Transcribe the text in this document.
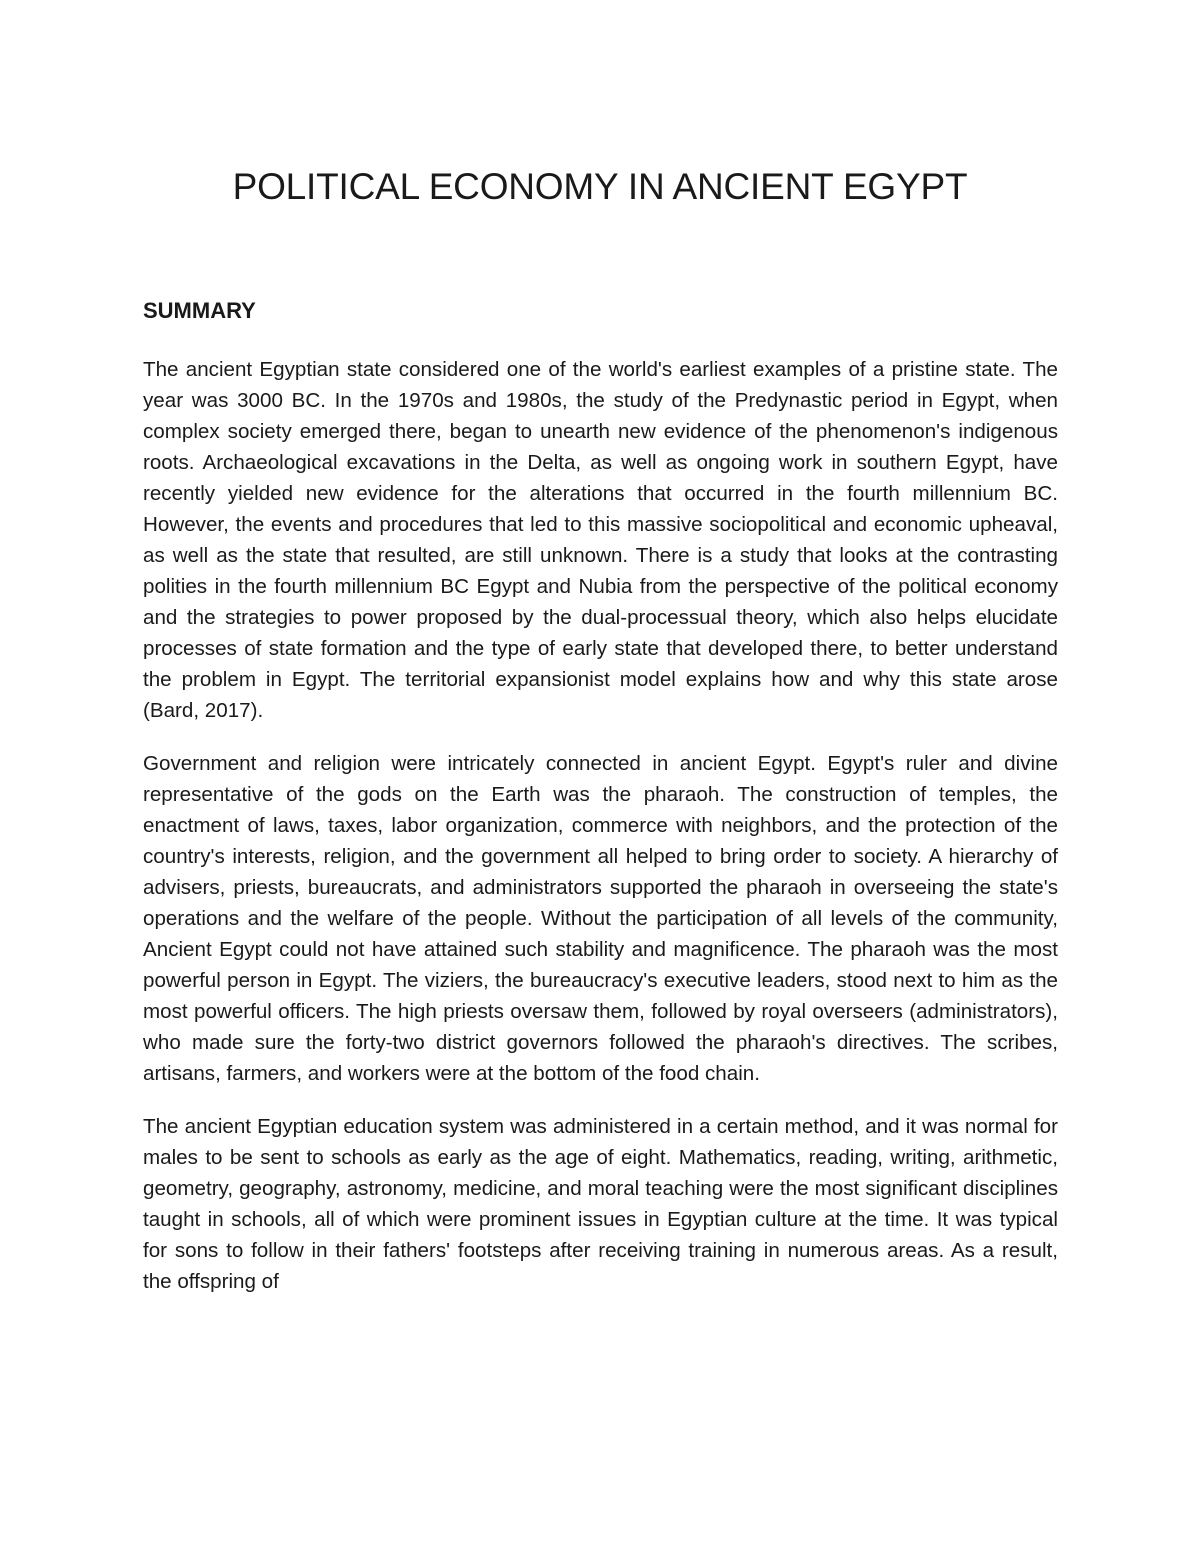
POLITICAL ECONOMY IN ANCIENT EGYPT
SUMMARY

The ancient Egyptian state considered one of the world's earliest examples of a pristine state. The year was 3000 BC. In the 1970s and 1980s, the study of the Predynastic period in Egypt, when complex society emerged there, began to unearth new evidence of the phenomenon's indigenous roots. Archaeological excavations in the Delta, as well as ongoing work in southern Egypt, have recently yielded new evidence for the alterations that occurred in the fourth millennium BC. However, the events and procedures that led to this massive sociopolitical and economic upheaval, as well as the state that resulted, are still unknown. There is a study that looks at the contrasting polities in the fourth millennium BC Egypt and Nubia from the perspective of the political economy and the strategies to power proposed by the dual-processual theory, which also helps elucidate processes of state formation and the type of early state that developed there, to better understand the problem in Egypt. The territorial expansionist model explains how and why this state arose (Bard, 2017).

Government and religion were intricately connected in ancient Egypt. Egypt's ruler and divine representative of the gods on the Earth was the pharaoh. The construction of temples, the enactment of laws, taxes, labor organization, commerce with neighbors, and the protection of the country's interests, religion, and the government all helped to bring order to society. A hierarchy of advisers, priests, bureaucrats, and administrators supported the pharaoh in overseeing the state's operations and the welfare of the people. Without the participation of all levels of the community, Ancient Egypt could not have attained such stability and magnificence. The pharaoh was the most powerful person in Egypt. The viziers, the bureaucracy's executive leaders, stood next to him as the most powerful officers. The high priests oversaw them, followed by royal overseers (administrators), who made sure the forty-two district governors followed the pharaoh's directives. The scribes, artisans, farmers, and workers were at the bottom of the food chain.

The ancient Egyptian education system was administered in a certain method, and it was normal for males to be sent to schools as early as the age of eight. Mathematics, reading, writing, arithmetic, geometry, geography, astronomy, medicine, and moral teaching were the most significant disciplines taught in schools, all of which were prominent issues in Egyptian culture at the time. It was typical for sons to follow in their fathers' footsteps after receiving training in numerous areas. As a result, the offspring of
